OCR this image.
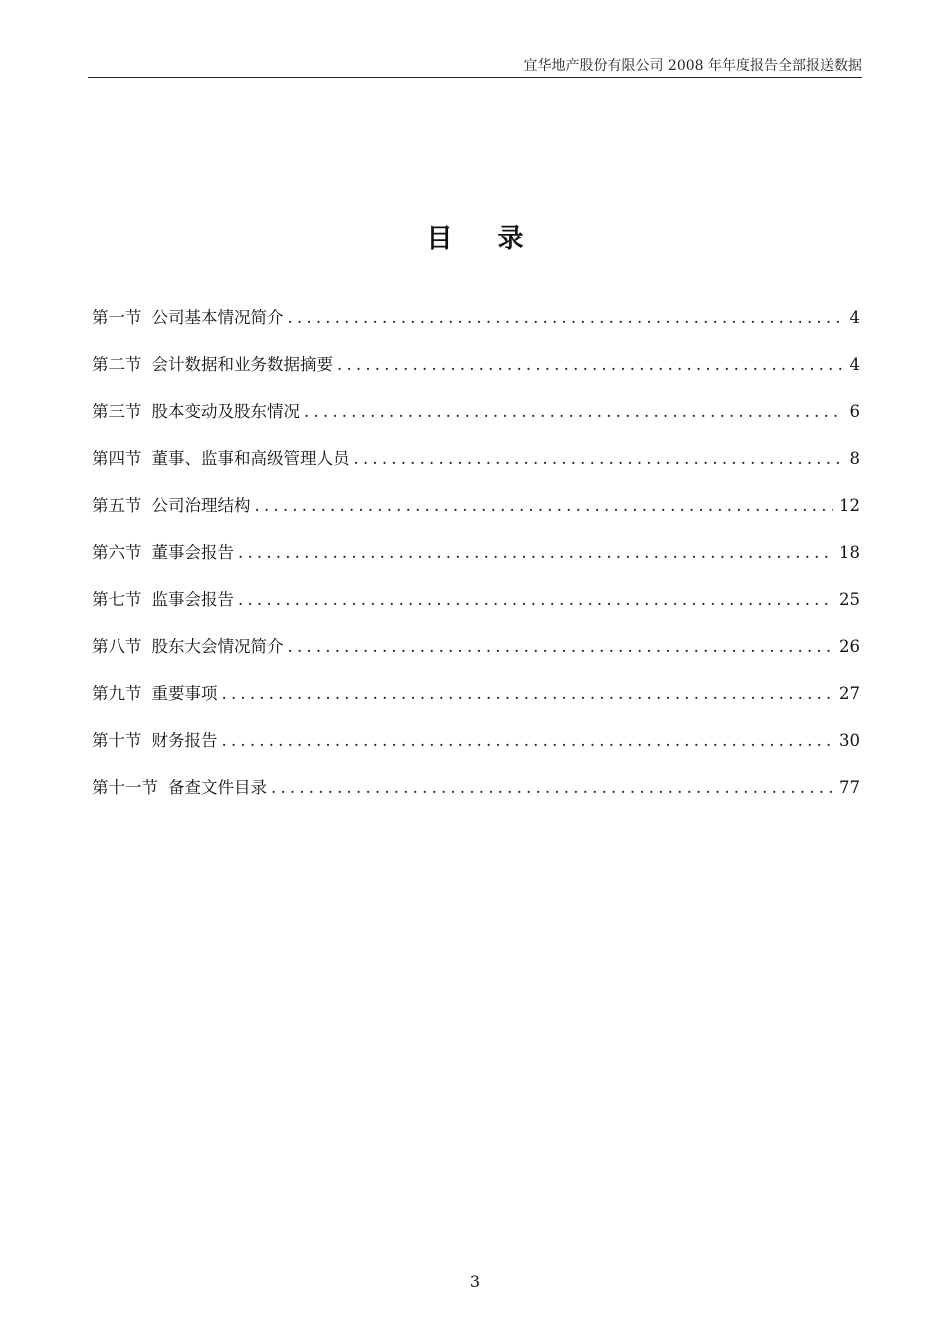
宜华地产股份有限公司 2008 年年度报告全部报送数据
目 录
第一节 公司基本情况简介 .....	4
第二节 会计数据和业务数据摘要 .....	4
第三节 股本变动及股东情况 .....	6
第四节 董事、监事和高级管理人员 .....	8
第五节 公司治理结构 .....	12
第六节 董事会报告 .....	18
第七节 监事会报告 .....	25
第八节 股东大会情况简介 .....	26
第九节 重要事项 .....	27
第十节 财务报告 .....	30
第十一节 备查文件目录 .....	77
3
